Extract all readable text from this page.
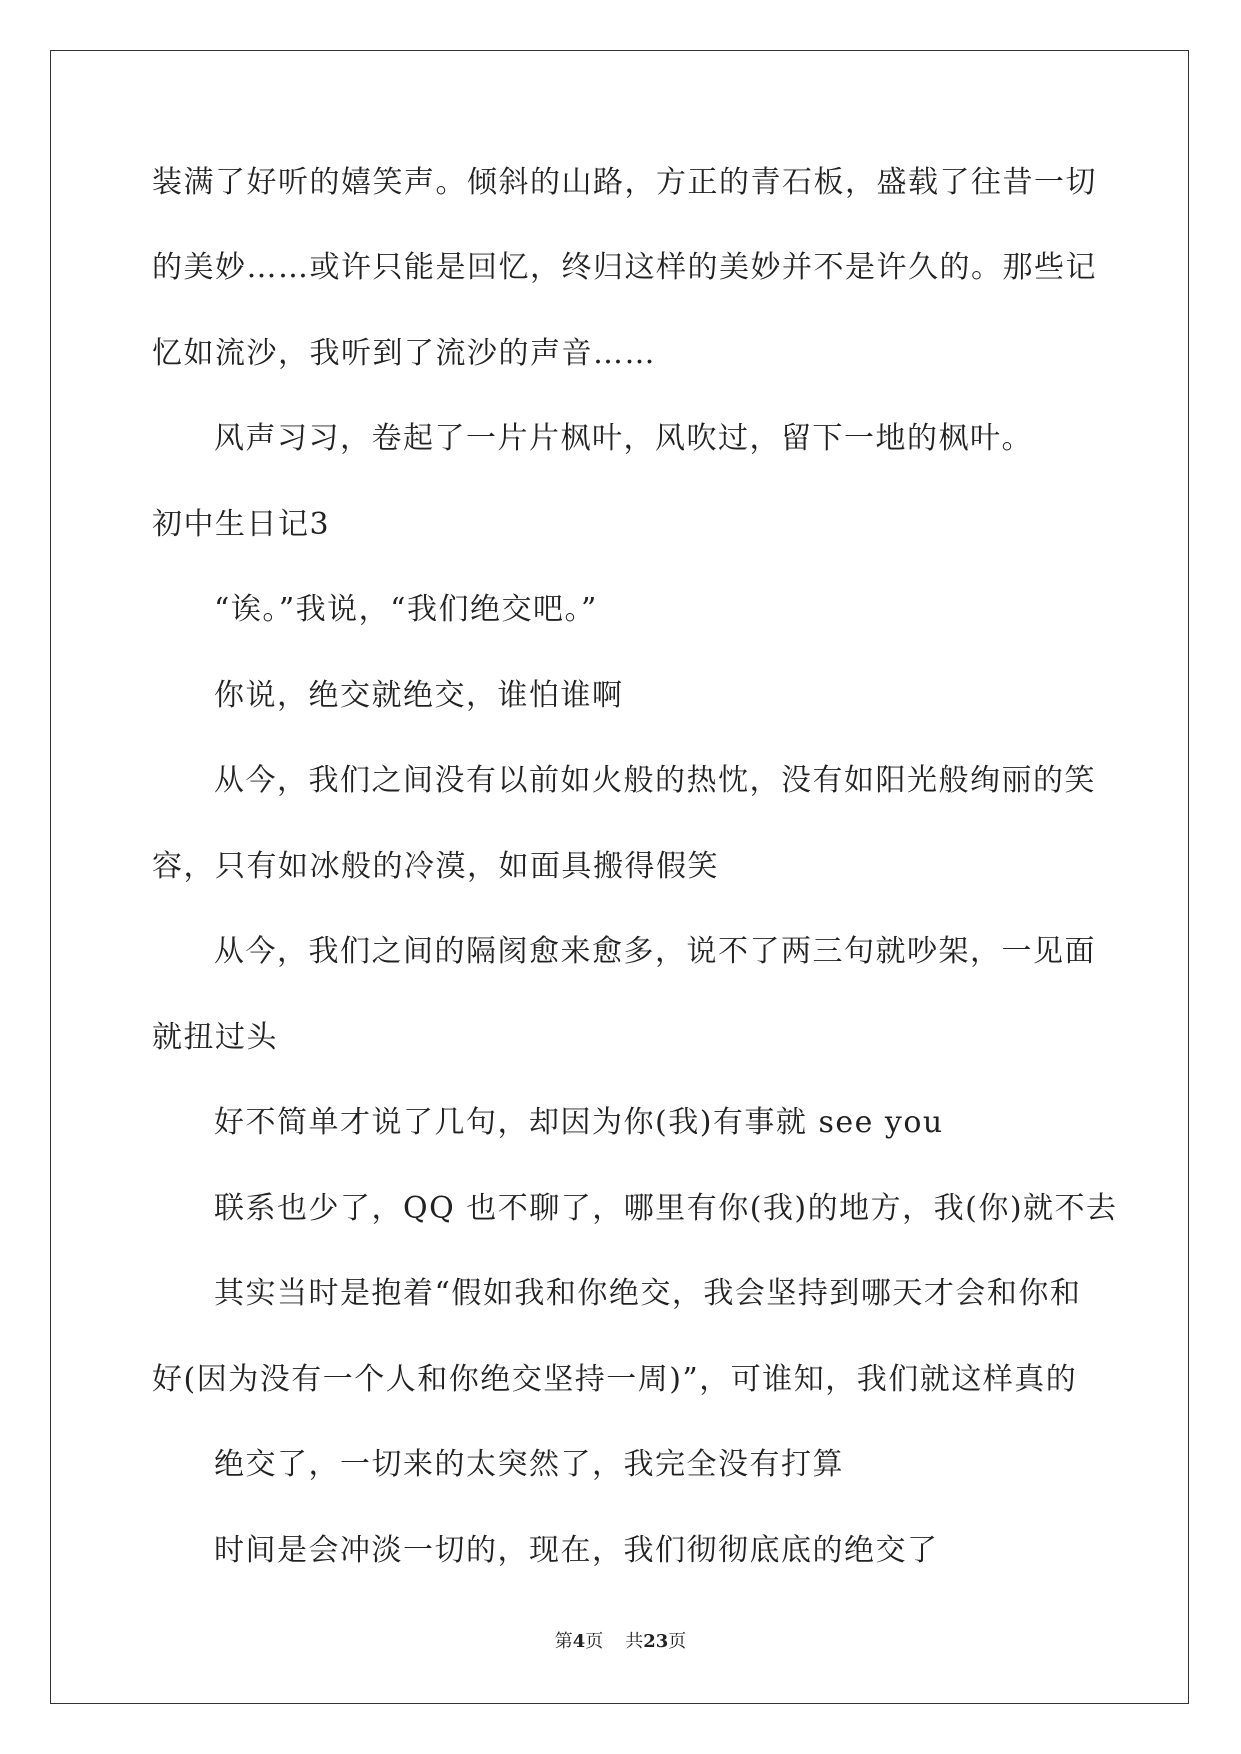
装满了好听的嬉笑声。倾斜的山路，方正的青石板，盛载了往昔一切
的美妙……或许只能是回忆，终归这样的美妙并不是许久的。那些记
忆如流沙，我听到了流沙的声音……
风声习习，卷起了一片片枫叶，风吹过，留下一地的枫叶。
初中生日记3
“诶。”我说，“我们绝交吧。”
你说，绝交就绝交，谁怕谁啊
从今，我们之间没有以前如火般的热忱，没有如阳光般绚丽的笑
容，只有如冰般的冷漠，如面具搬得假笑
从今，我们之间的隔阂愈来愈多，说不了两三句就吵架，一见面
就扭过头
好不简单才说了几句，却因为你(我)有事就 see you
联系也少了，QQ 也不聊了，哪里有你(我)的地方，我(你)就不去
其实当时是抱着“假如我和你绝交，我会坚持到哪天才会和你和
好(因为没有一个人和你绝交坚持一周)”，可谁知，我们就这样真的
绝交了，一切来的太突然了，我完全没有打算
时间是会冲淡一切的，现在，我们彻彻底底的绝交了
第4页 共23页
